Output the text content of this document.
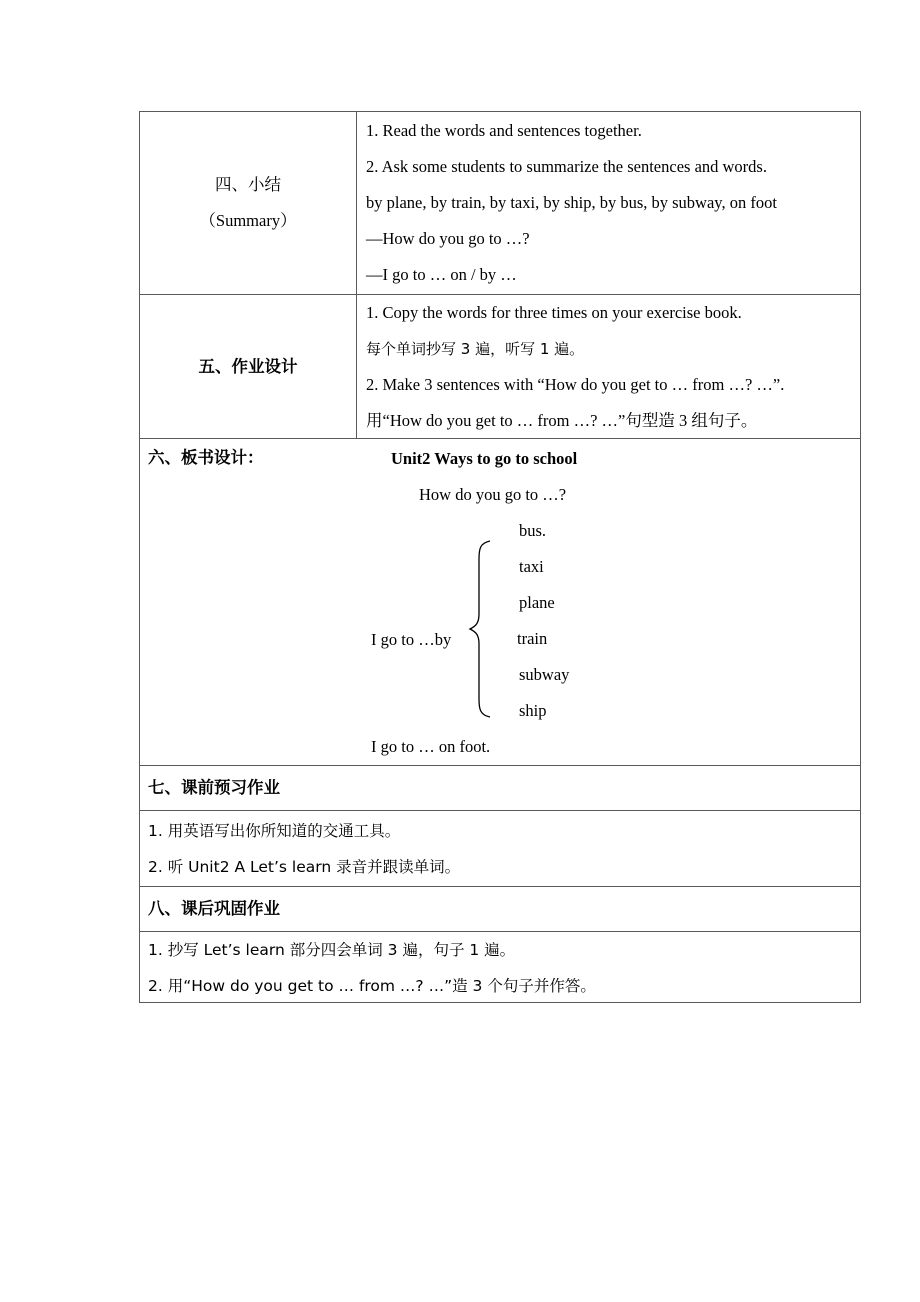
四、小结
（Summary）
1. Read the words and sentences together.
2. Ask some students to summarize the sentences and words.
by plane, by train, by taxi, by ship, by bus, by subway, on foot
—How do you go to …?
—I go to … on / by …
五、作业设计
1. Copy the words for three times on your exercise book.
每个单词抄写 3 遍，听写 1 遍。
2. Make 3 sentences with “How do you get to … from …? …”.
用“How do you get to … from …? …”句型造 3 组句子。
六、板书设计：	Unit2 Ways to go to school
How do you go to …?
I go to …by
bus.
taxi
plane
train
subway
ship
I go to … on foot.
七、课前预习作业
1. 用英语写出你所知道的交通工具。
2. 听 Unit2 A Let’s learn 录音并跟读单词。
八、课后巩固作业
1. 抄写 Let’s learn 部分四会单词 3 遍，句子 1 遍。
2. 用“How do you get to … from …? …”造 3 个句子并作答。
